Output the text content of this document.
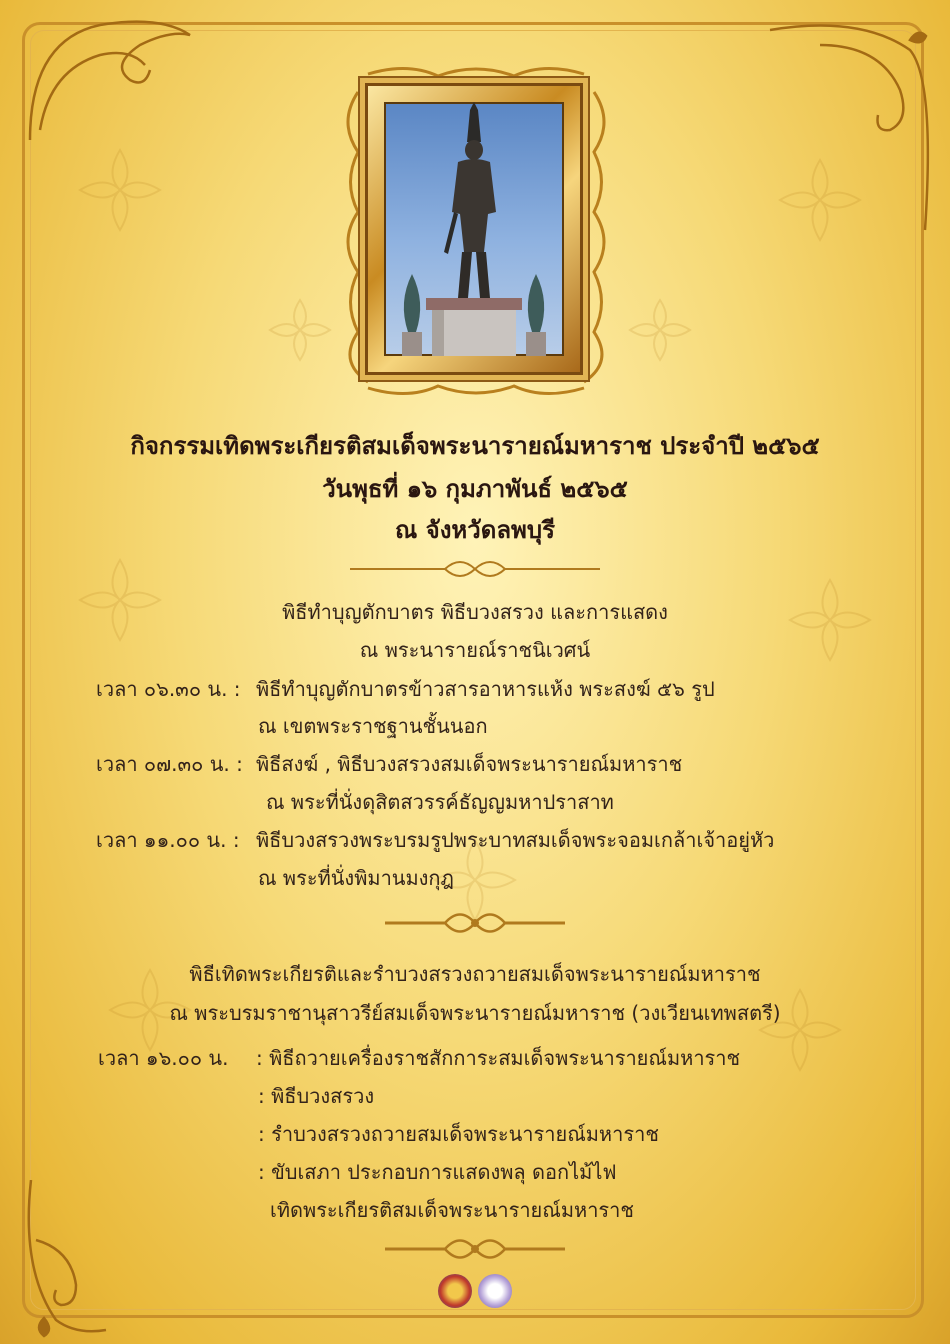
กิจกรรมเทิดพระเกียรติสมเด็จพระนารายณ์มหาราช ประจำปี ๒๕๖๕
วันพุธที่ ๑๖ กุมภาพันธ์ ๒๕๖๕
ณ จังหวัดลพบุรี
พิธีทำบุญตักบาตร พิธีบวงสรวง และการแสดง
ณ พระนารายณ์ราชนิเวศน์
เวลา ๐๖.๓๐ น. : พิธีทำบุญตักบาตรข้าวสารอาหารแห้ง พระสงฆ์ ๕๖ รูป
ณ เขตพระราชฐานชั้นนอก
เวลา ๐๗.๓๐ น. : พิธีสงฆ์ , พิธีบวงสรวงสมเด็จพระนารายณ์มหาราช
ณ พระที่นั่งดุสิตสวรรค์ธัญญมหาปราสาท
เวลา ๑๑.๐๐ น. : พิธีบวงสรวงพระบรมรูปพระบาทสมเด็จพระจอมเกล้าเจ้าอยู่หัว
ณ พระที่นั่งพิมานมงกุฎ
พิธีเทิดพระเกียรติและรำบวงสรวงถวายสมเด็จพระนารายณ์มหาราช
ณ พระบรมราชานุสาวรีย์สมเด็จพระนารายณ์มหาราช (วงเวียนเทพสตรี)
เวลา ๑๖.๐๐ น. : พิธีถวายเครื่องราชสักการะสมเด็จพระนารายณ์มหาราช
: พิธีบวงสรวง
: รำบวงสรวงถวายสมเด็จพระนารายณ์มหาราช
: ขับเสภา ประกอบการแสดงพลุ ดอกไม้ไฟ
เทิดพระเกียรติสมเด็จพระนารายณ์มหาราช
